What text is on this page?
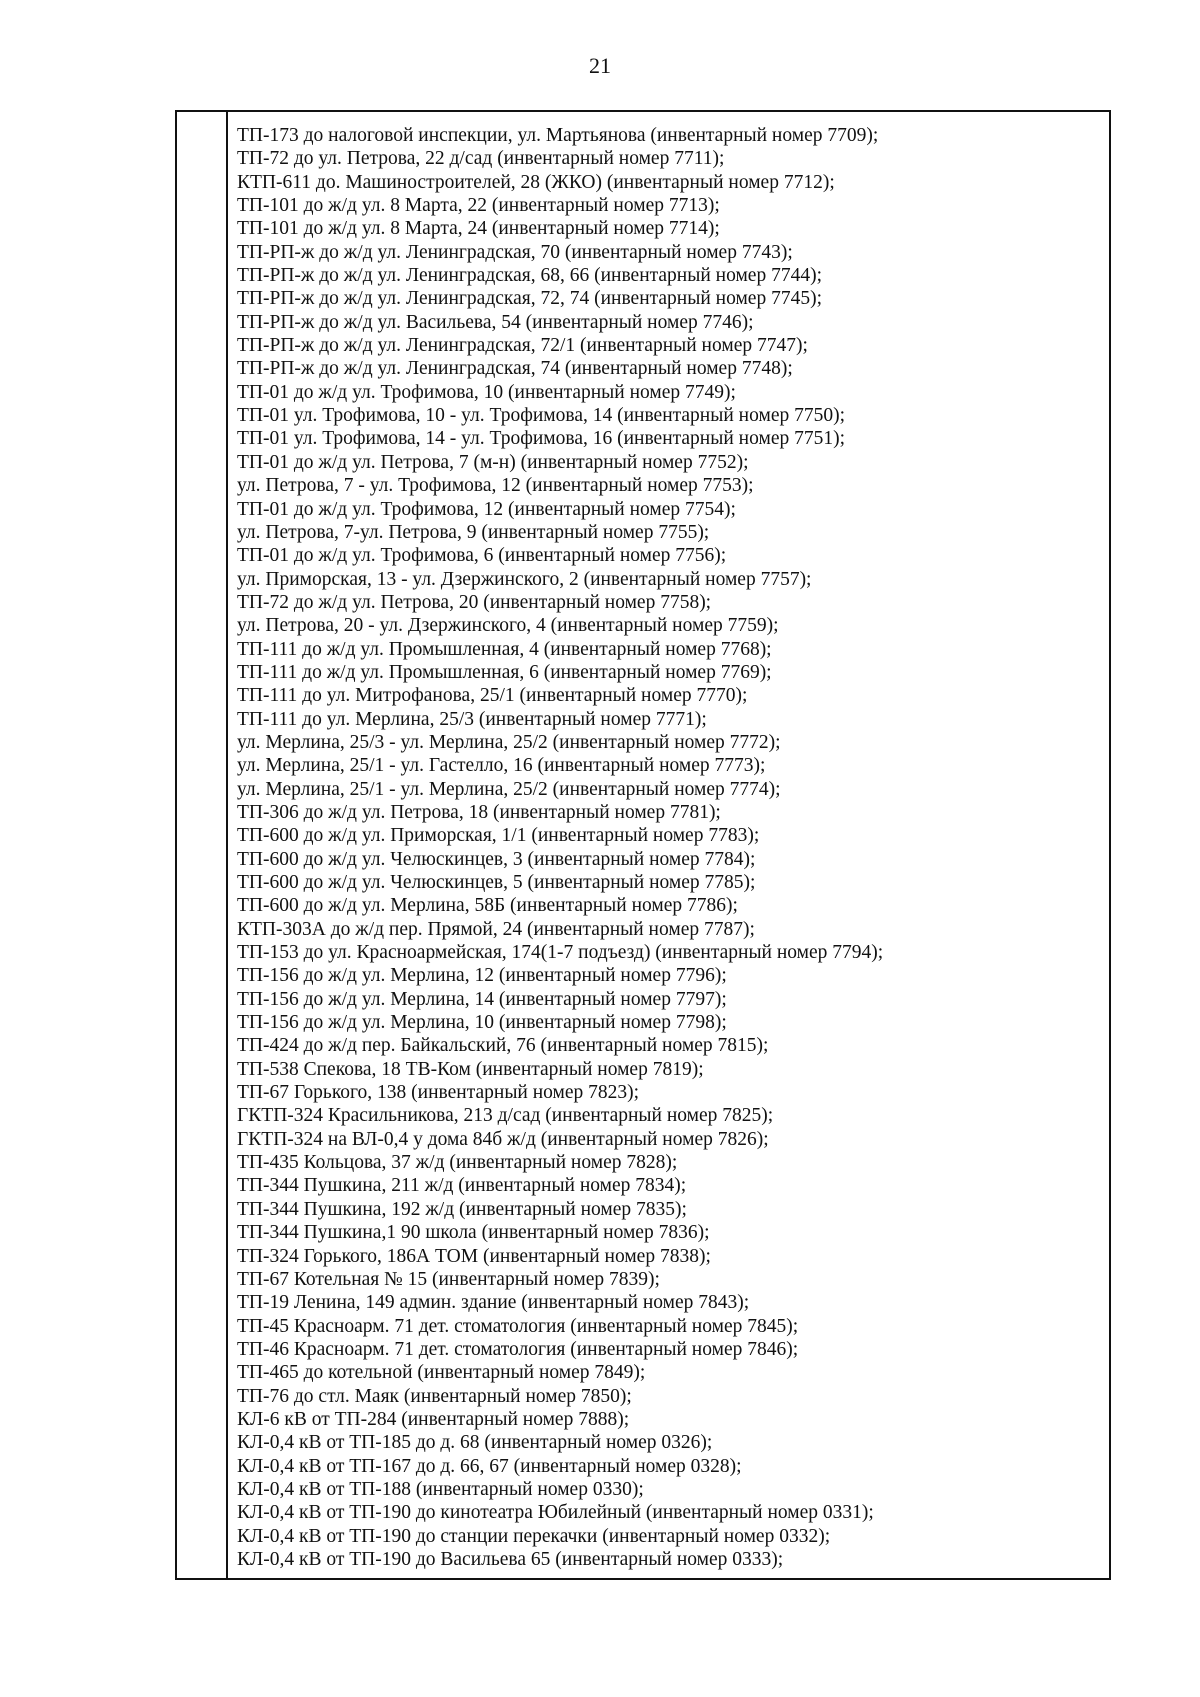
21
ТП-173 до налоговой инспекции, ул. Мартьянова (инвентарный номер 7709);
ТП-72 до ул. Петрова, 22 д/сад (инвентарный номер 7711);
КТП-611 до. Машиностроителей, 28 (ЖКО) (инвентарный номер 7712);
ТП-101 до ж/д ул. 8 Марта, 22 (инвентарный номер 7713);
ТП-101 до ж/д ул. 8 Марта, 24 (инвентарный номер 7714);
ТП-РП-ж до ж/д ул. Ленинградская, 70 (инвентарный номер 7743);
ТП-РП-ж до ж/д ул. Ленинградская, 68, 66 (инвентарный номер 7744);
ТП-РП-ж до ж/д ул. Ленинградская, 72, 74 (инвентарный номер 7745);
ТП-РП-ж до ж/д ул. Васильева, 54 (инвентарный номер 7746);
ТП-РП-ж до ж/д ул. Ленинградская, 72/1 (инвентарный номер 7747);
ТП-РП-ж до ж/д ул. Ленинградская, 74 (инвентарный номер 7748);
ТП-01 до ж/д ул. Трофимова, 10 (инвентарный номер 7749);
ТП-01 ул. Трофимова, 10 - ул. Трофимова, 14 (инвентарный номер 7750);
ТП-01 ул. Трофимова, 14 - ул. Трофимова, 16 (инвентарный номер 7751);
ТП-01 до ж/д ул. Петрова, 7 (м-н) (инвентарный номер 7752);
ул. Петрова, 7 - ул. Трофимова, 12 (инвентарный номер 7753);
ТП-01 до ж/д ул. Трофимова, 12 (инвентарный номер 7754);
ул. Петрова, 7-ул. Петрова, 9 (инвентарный номер 7755);
ТП-01 до ж/д ул. Трофимова, 6 (инвентарный номер 7756);
ул. Приморская, 13 - ул. Дзержинского, 2 (инвентарный номер 7757);
ТП-72 до ж/д ул. Петрова, 20 (инвентарный номер 7758);
ул. Петрова, 20 - ул. Дзержинского, 4 (инвентарный номер 7759);
ТП-111 до ж/д ул. Промышленная, 4 (инвентарный номер 7768);
ТП-111 до ж/д ул. Промышленная, 6 (инвентарный номер 7769);
ТП-111 до ул. Митрофанова, 25/1 (инвентарный номер 7770);
ТП-111 до ул. Мерлина, 25/3 (инвентарный номер 7771);
ул. Мерлина, 25/3 - ул. Мерлина, 25/2 (инвентарный номер 7772);
ул. Мерлина, 25/1 - ул. Гастелло, 16 (инвентарный номер 7773);
ул. Мерлина, 25/1 - ул. Мерлина, 25/2 (инвентарный номер 7774);
ТП-306 до ж/д ул. Петрова, 18 (инвентарный номер 7781);
ТП-600 до ж/д ул. Приморская, 1/1 (инвентарный номер 7783);
ТП-600 до ж/д ул. Челюскинцев, 3 (инвентарный номер 7784);
ТП-600 до ж/д ул. Челюскинцев, 5 (инвентарный номер 7785);
ТП-600 до ж/д ул. Мерлина, 58Б (инвентарный номер 7786);
КТП-303А до ж/д пер. Прямой, 24 (инвентарный номер 7787);
ТП-153 до ул. Красноармейская, 174(1-7 подъезд) (инвентарный номер 7794);
ТП-156 до ж/д ул. Мерлина, 12 (инвентарный номер 7796);
ТП-156 до ж/д ул. Мерлина, 14 (инвентарный номер 7797);
ТП-156 до ж/д ул. Мерлина, 10 (инвентарный номер 7798);
ТП-424 до ж/д пер. Байкальский, 76 (инвентарный номер 7815);
ТП-538 Спекова, 18 ТВ-Ком (инвентарный номер 7819);
ТП-67 Горького, 138 (инвентарный номер 7823);
ГКТП-324 Красильникова, 213 д/сад (инвентарный номер 7825);
ГКТП-324 на ВЛ-0,4 у дома 84б ж/д (инвентарный номер 7826);
ТП-435 Кольцова, 37 ж/д (инвентарный номер 7828);
ТП-344 Пушкина, 211 ж/д (инвентарный номер 7834);
ТП-344 Пушкина, 192 ж/д (инвентарный номер 7835);
ТП-344 Пушкина,1 90 школа (инвентарный номер 7836);
ТП-324 Горького, 186А ТОМ (инвентарный номер 7838);
ТП-67 Котельная № 15 (инвентарный номер 7839);
ТП-19 Ленина, 149 админ. здание (инвентарный номер 7843);
ТП-45 Красноарм. 71 дет. стоматология (инвентарный номер 7845);
ТП-46 Красноарм. 71 дет. стоматология (инвентарный номер 7846);
ТП-465 до котельной (инвентарный номер 7849);
ТП-76 до стл. Маяк (инвентарный номер 7850);
КЛ-6 кВ от ТП-284 (инвентарный номер 7888);
КЛ-0,4 кВ от ТП-185 до д. 68 (инвентарный номер 0326);
КЛ-0,4 кВ от ТП-167 до д. 66, 67 (инвентарный номер 0328);
КЛ-0,4 кВ от ТП-188 (инвентарный номер 0330);
КЛ-0,4 кВ от ТП-190 до кинотеатра Юбилейный (инвентарный номер 0331);
КЛ-0,4 кВ от ТП-190 до станции перекачки (инвентарный номер 0332);
КЛ-0,4 кВ от ТП-190 до Васильева 65 (инвентарный номер 0333);
